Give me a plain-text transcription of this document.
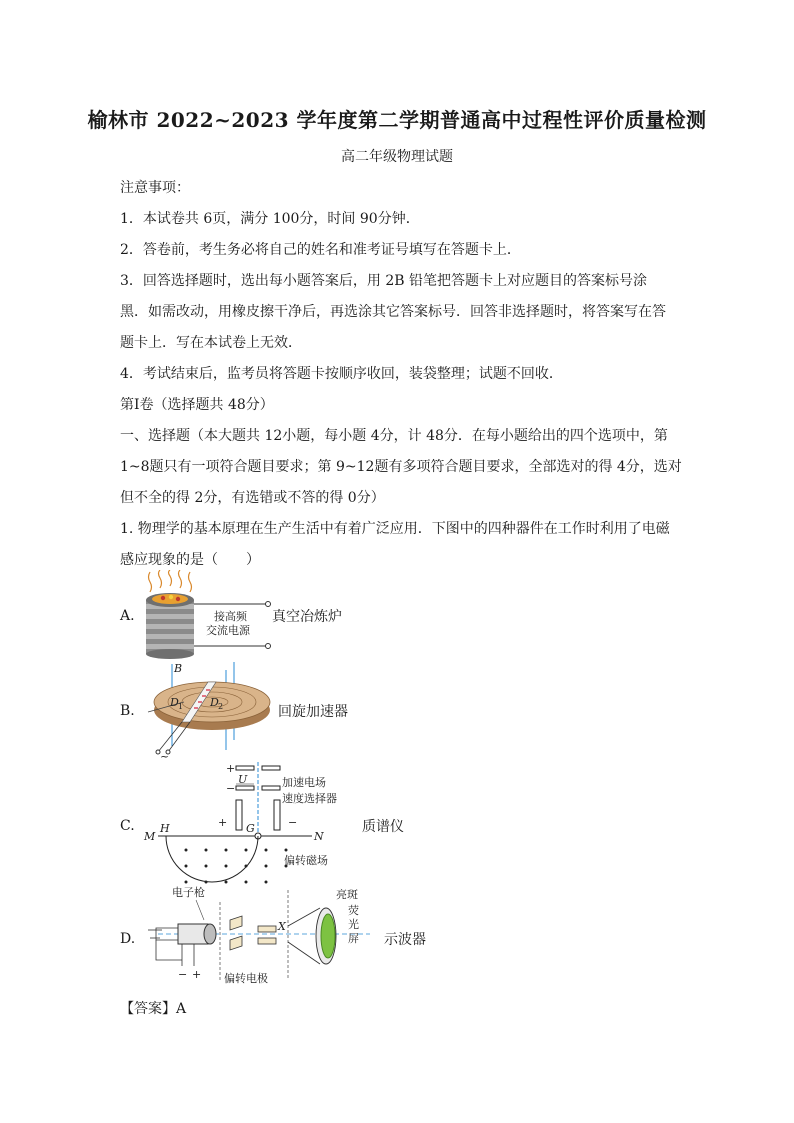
榆林市 2022~2023 学年度第二学期普通高中过程性评价质量检测
高二年级物理试题
注意事项：
1．本试卷共 6页，满分 100分，时间 90分钟．
2．答卷前，考生务必将自己的姓名和准考证号填写在答题卡上．
3．回答选择题时，选出每小题答案后，用 2B 铅笔把答题卡上对应题目的答案标号涂
黑．如需改动，用橡皮擦干净后，再选涂其它答案标号．回答非选择题时，将答案写在答
题卡上．写在本试卷上无效．
4．考试结束后，监考员将答题卡按顺序收回，装袋整理；试题不回收．
第Ⅰ卷（选择题共 48分）
一、选择题（本大题共 12小题，每小题 4分，计 48分．在每小题给出的四个选项中，第
1~8题只有一项符合题目要求；第 9~12题有多项符合题目要求，全部选对的得 4分，选对
但不全的得 2分，有选错或不答的得 0分）
1. 物理学的基本原理在生产生活中有着广泛应用．下图中的四种器件在工作时利用了电磁
感应现象的是（　　）
A.	接高频
交流电源
真空冶炼炉
B.
B
D 1 D 2
~
回旋加速器
C.
+
−
U	加速电场
速度选择器
+	−
M
H	G
N
偏转磁场
质谱仪
D.
电子枪
− +
X
偏转电极
亮斑
荧
光
屏 示波器
【答案】A
